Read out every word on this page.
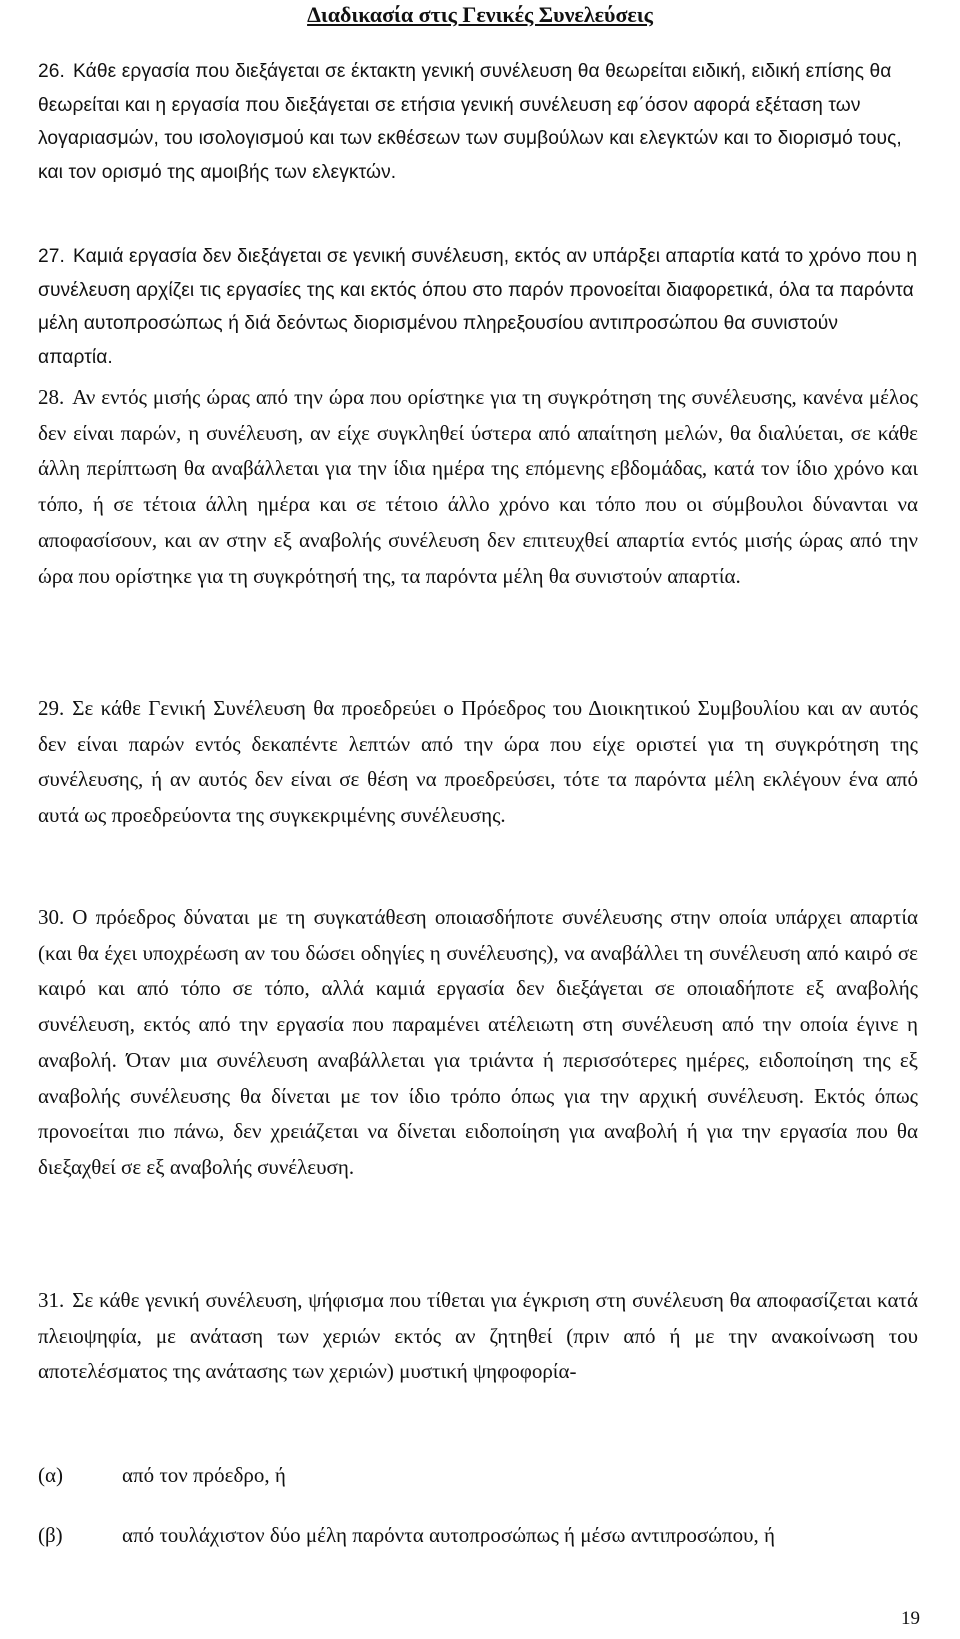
Διαδικασία στις Γενικές Συνελεύσεις

26. Κάθε εργασία που διεξάγεται σε έκτακτη γενική συνέλευση θα θεωρείται ειδική, ειδική επίσης θα θεωρείται και η εργασία που διεξάγεται σε ετήσια γενική συνέλευση εφ΄όσον αφορά εξέταση των λογαριασμών, του ισολογισμού και των εκθέσεων των συμβούλων και ελεγκτών και το διορισμό τους, και τον ορισμό της αμοιβής των ελεγκτών.

27. Καμιά εργασία δεν διεξάγεται σε γενική συνέλευση, εκτός αν υπάρξει απαρτία κατά το χρόνο που η συνέλευση αρχίζει τις εργασίες της και εκτός όπου στο παρόν προνοείται διαφορετικά, όλα τα παρόντα μέλη αυτοπροσώπως ή διά δεόντως διορισμένου πληρεξουσίου αντιπροσώπου θα συνιστούν απαρτία.

28. Αν εντός μισής ώρας από την ώρα που ορίστηκε για τη συγκρότηση της συνέλευσης, κανένα μέλος δεν είναι παρών, η συνέλευση, αν είχε συγκληθεί ύστερα από απαίτηση μελών, θα διαλύεται, σε κάθε άλλη περίπτωση θα αναβάλλεται για την ίδια ημέρα της επόμενης εβδομάδας, κατά τον ίδιο χρόνο και τόπο, ή σε τέτοια άλλη ημέρα και σε τέτοιο άλλο χρόνο και τόπο που οι σύμβουλοι δύνανται να αποφασίσουν, και αν στην εξ αναβολής συνέλευση δεν επιτευχθεί απαρτία εντός μισής ώρας από την ώρα που ορίστηκε για τη συγκρότησή της, τα παρόντα μέλη θα συνιστούν απαρτία.

29. Σε κάθε Γενική Συνέλευση θα προεδρεύει ο Πρόεδρος του Διοικητικού Συμβουλίου και αν αυτός δεν είναι παρών εντός δεκαπέντε λεπτών από την ώρα που είχε οριστεί για τη συγκρότηση της συνέλευσης, ή αν αυτός δεν είναι σε θέση να προεδρεύσει, τότε τα παρόντα μέλη εκλέγουν ένα από αυτά ως προεδρεύοντα της συγκεκριμένης συνέλευσης.

30. Ο πρόεδρος δύναται με τη συγκατάθεση οποιασδήποτε συνέλευσης στην οποία υπάρχει απαρτία (και θα έχει υποχρέωση αν του δώσει οδηγίες η συνέλευσης), να αναβάλλει τη συνέλευση από καιρό σε καιρό και από τόπο σε τόπο, αλλά καμιά εργασία δεν διεξάγεται σε οποιαδήποτε εξ αναβολής συνέλευση, εκτός από την εργασία που παραμένει ατέλειωτη στη συνέλευση από την οποία έγινε η αναβολή. Όταν μια συνέλευση αναβάλλεται για τριάντα ή περισσότερες ημέρες, ειδοποίηση της εξ αναβολής συνέλευσης θα δίνεται με τον ίδιο τρόπο όπως για την αρχική συνέλευση. Εκτός όπως προνοείται πιο πάνω, δεν χρειάζεται να δίνεται ειδοποίηση για αναβολή ή για την εργασία που θα διεξαχθεί σε εξ αναβολής συνέλευση.

31. Σε κάθε γενική συνέλευση, ψήφισμα που τίθεται για έγκριση στη συνέλευση θα αποφασίζεται κατά πλειοψηφία, με ανάταση των χεριών εκτός αν ζητηθεί (πριν από ή με την ανακοίνωση του αποτελέσματος της ανάτασης των χεριών) μυστική ψηφοφορία-

(α)	από τον πρόεδρο, ή
(β)	από τουλάχιστον δύο μέλη παρόντα αυτοπροσώπως ή μέσω αντιπροσώπου, ή
19
